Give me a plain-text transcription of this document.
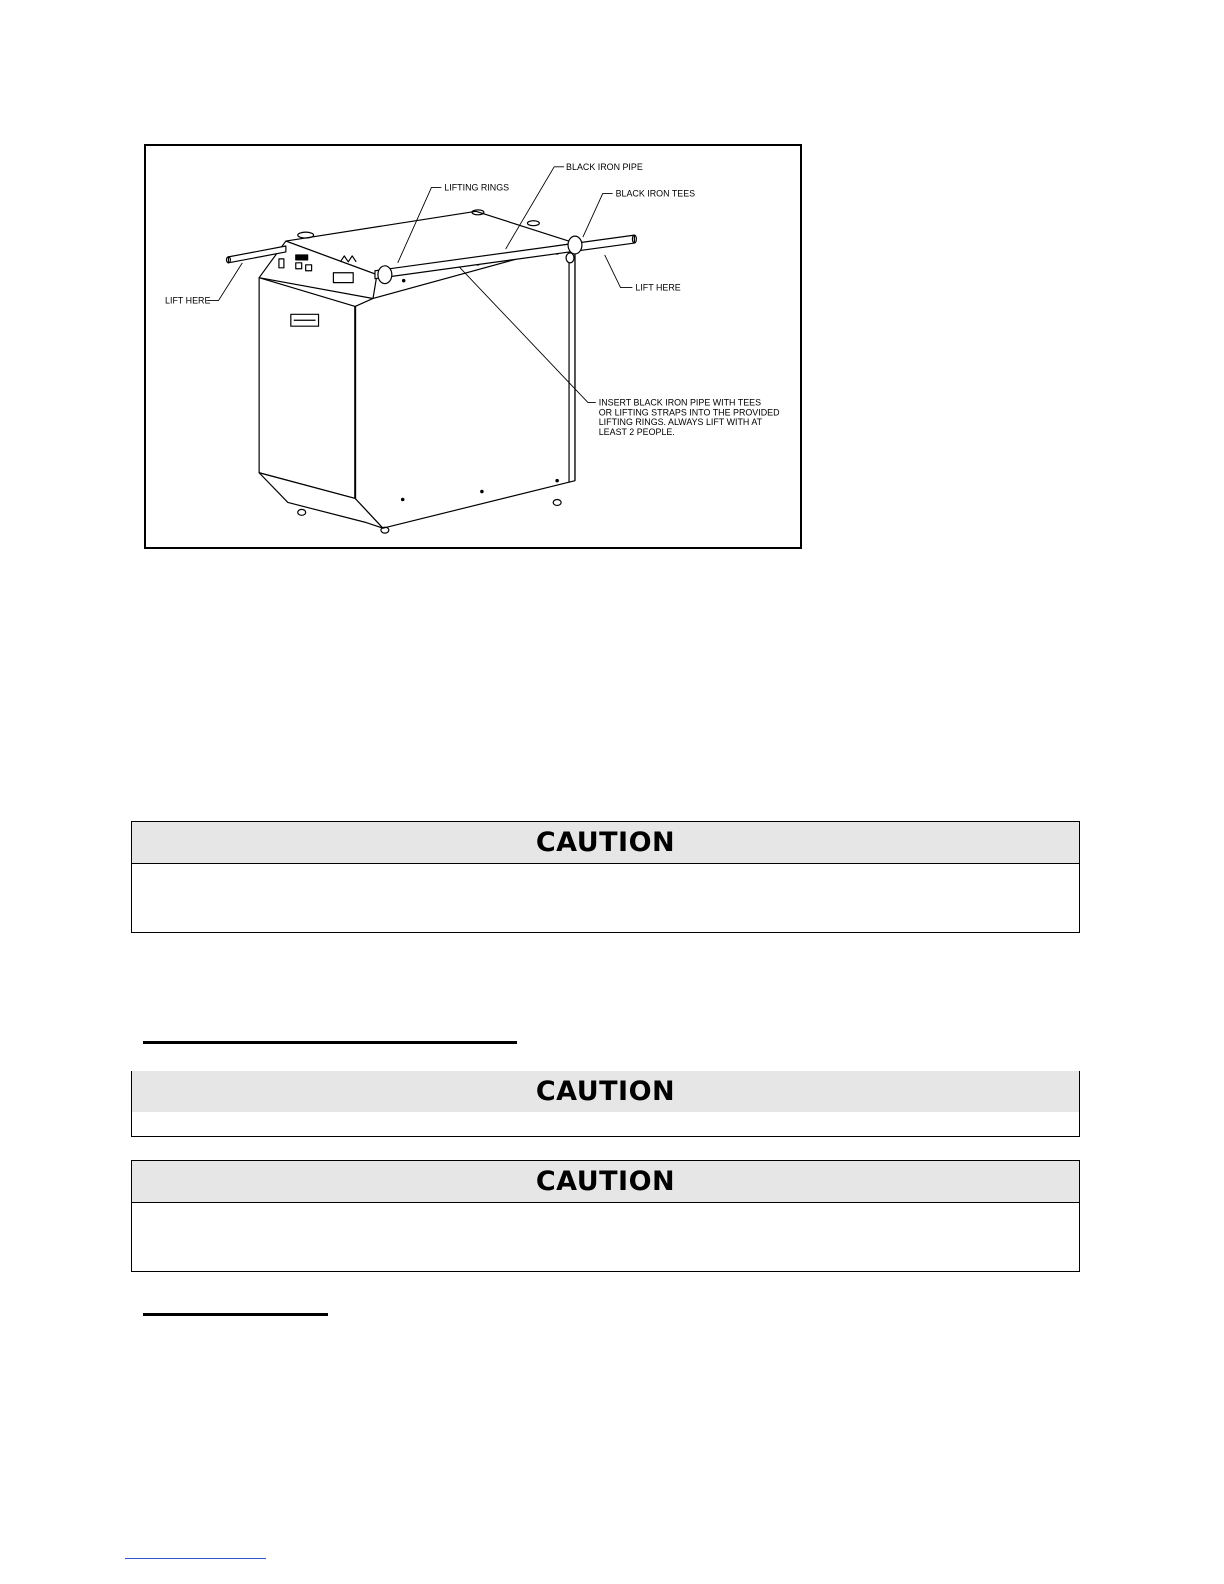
BLACK IRON PIPE
LIFTING RINGS
BLACK IRON TEES
LIFT HERE
LIFT HERE
INSERT BLACK IRON PIPE WITH TEES
OR LIFTING STRAPS INTO THE PROVIDED
LIFTING RINGS. ALWAYS LIFT WITH AT
LEAST 2 PEOPLE.
CAUTION
CAUTION
CAUTION
